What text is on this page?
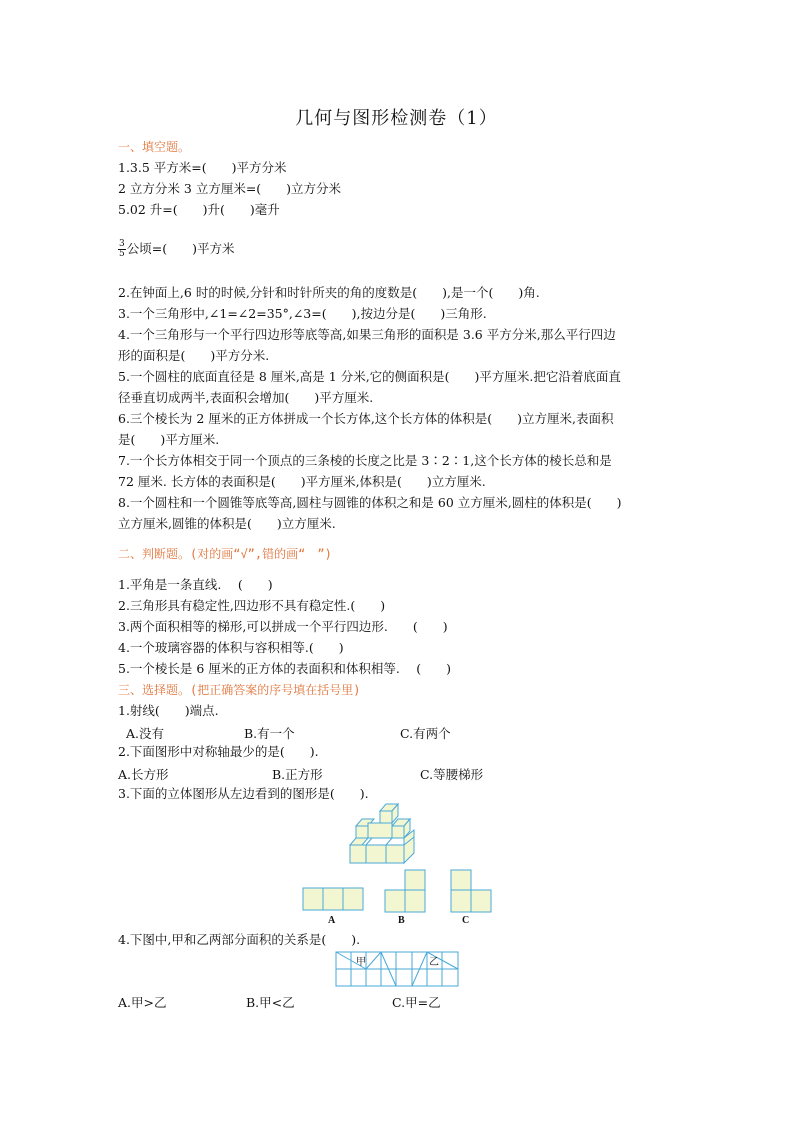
几何与图形检测卷（1）
一、填空题。
1.3.5 平方米=(　　)平方分米
2 立方分米 3 立方厘米=(　　)立方分米
5.02 升=(　　)升(　　)毫升
$\frac{3}{5}$ 公顷=(　　)平方米
2.在钟面上,6 时的时候,分针和时针所夹的角的度数是(　　),是一个(　　)角.
3.一个三角形中,∠1=∠2=35°,∠3=(　　),按边分是(　　)三角形.
4.一个三角形与一个平行四边形等底等高,如果三角形的面积是 3.6 平方分米,那么平行四边
形的面积是(　　)平方分米.
5.一个圆柱的底面直径是 8 厘米,高是 1 分米,它的侧面积是(　　)平方厘米.把它沿着底面直
径垂直切成两半,表面积会增加(　　)平方厘米.
6.三个棱长为 2 厘米的正方体拼成一个长方体,这个长方体的体积是(　　)立方厘米,表面积
是(　　)平方厘米.
7.一个长方体相交于同一个顶点的三条棱的长度之比是 3∶2∶1,这个长方体的棱长总和是
72 厘米. 长方体的表面积是(　　)平方厘米,体积是(　　)立方厘米.
8.一个圆柱和一个圆锥等底等高,圆柱与圆锥的体积之和是 60 立方厘米,圆柱的体积是(　　)
立方厘米,圆锥的体积是(　　)立方厘米.
二、判断题。(对的画“√”,错的画“　”)
1.平角是一条直线.　 (　　)
2.三角形具有稳定性,四边形不具有稳定性.(　　)
3.两个面积相等的梯形,可以拼成一个平行四边形.　　(　　)
4.一个玻璃容器的体积与容积相等.(　　)
5.一个棱长是 6 厘米的正方体的表面积和体积相等.　 (　　)
三、选择题。(把正确答案的序号填在括号里)
1.射线(　　)端点.
A.没有	B.有一个	C.有两个
2.下面图形中对称轴最少的是(　　).
A.长方形	B.正方形	C.等腰梯形
3.下面的立体图形从左边看到的图形是(　　).
A	B	C
4.下图中,甲和乙两部分面积的关系是(　　).
甲	乙
A.甲>乙	B.甲<乙	C.甲=乙
